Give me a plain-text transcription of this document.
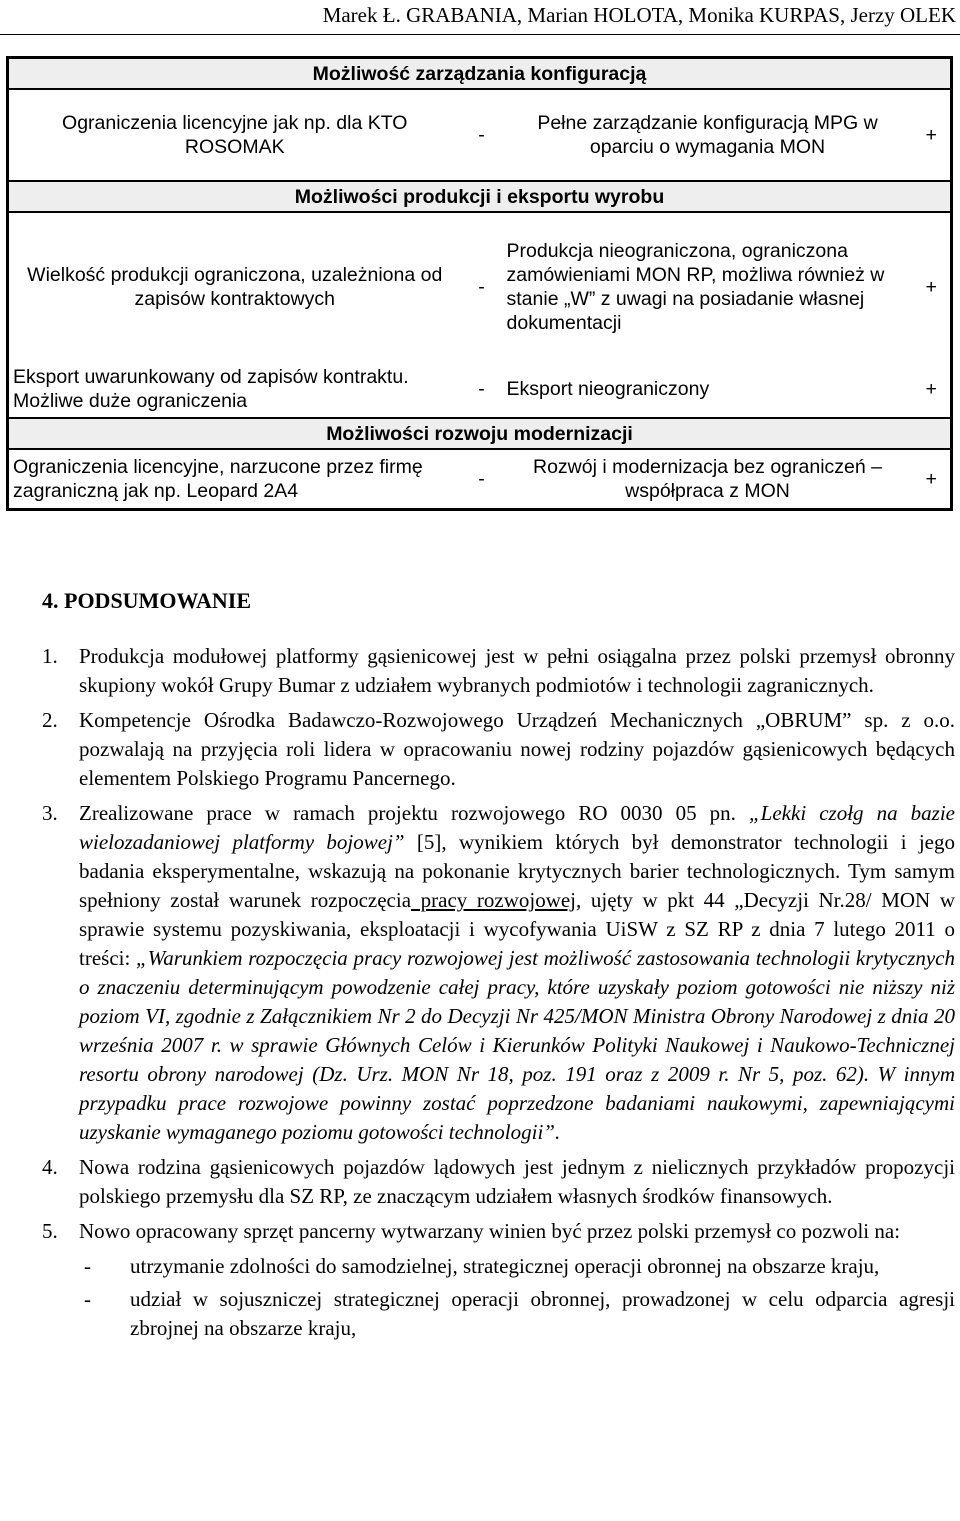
Marek Ł. GRABANIA, Marian HOLOTA, Monika KURPAS, Jerzy OLEK
Możliwość zarządzania konfiguracją			
Ograniczenia licencyjne jak np. dla KTO ROSOMAK	-	Pełne zarządzanie konfiguracją MPG w oparciu o wymagania MON	+
Możliwości produkcji i eksportu wyrobu			
Wielkość produkcji ograniczona, uzależniona od zapisów kontraktowych	-	Produkcja nieograniczona, ograniczona zamówieniami MON RP, możliwa również w stanie „W” z uwagi na posiadanie własnej dokumentacji	+
Eksport uwarunkowany od zapisów kontraktu. Możliwe duże ograniczenia	-	Eksport nieograniczony	+
Możliwości rozwoju modernizacji			
Ograniczenia licencyjne, narzucone przez firmę zagraniczną jak np. Leopard 2A4	-	Rozwój i modernizacja bez ograniczeń – współpraca z MON	+
4. PODSUMOWANIE
1.	Produkcja modułowej platformy gąsienicowej jest w pełni osiągalna przez polski przemysł obronny skupiony wokół Grupy Bumar z udziałem wybranych podmiotów i technologii zagranicznych.
2.	Kompetencje Ośrodka Badawczo-Rozwojowego Urządzeń Mechanicznych „OBRUM” sp. z o.o. pozwalają na przyjęcia roli lidera w opracowaniu nowej rodziny pojazdów gąsienicowych będących elementem Polskiego Programu Pancernego.
3.	Zrealizowane prace w ramach projektu rozwojowego RO 0030 05 pn. „Lekki czołg na bazie wielozadaniowej platformy bojowej” [5], wynikiem których był demonstrator technologii i jego badania eksperymentalne, wskazują na pokonanie krytycznych barier technologicznych. Tym samym spełniony został warunek rozpoczęcia pracy rozwojowej, ujęty w pkt 44 „Decyzji Nr.28/ MON w sprawie systemu pozyskiwania, eksploatacji i wycofywania UiSW z SZ RP z dnia 7 lutego 2011 o treści: „Warunkiem rozpoczęcia pracy rozwojowej jest możliwość zastosowania technologii krytycznych o znaczeniu determinującym powodzenie całej pracy, które uzyskały poziom gotowości nie niższy niż poziom VI, zgodnie z Załącznikiem Nr 2 do Decyzji Nr 425/MON Ministra Obrony Narodowej z dnia 20 września 2007 r. w sprawie Głównych Celów i Kierunków Polityki Naukowej i Naukowo-Technicznej resortu obrony narodowej (Dz. Urz. MON Nr 18, poz. 191 oraz z 2009 r. Nr 5, poz. 62). W innym przypadku prace rozwojowe powinny zostać poprzedzone badaniami naukowymi, zapewniającymi uzyskanie wymaganego poziomu gotowości technologii”.
4.	Nowa rodzina gąsienicowych pojazdów lądowych jest jednym z nielicznych przykładów propozycji polskiego przemysłu dla SZ RP, ze znaczącym udziałem własnych środków finansowych.
5.	Nowo opracowany sprzęt pancerny wytwarzany winien być przez polski przemysł co pozwoli na:
-	utrzymanie zdolności do samodzielnej, strategicznej operacji obronnej na obszarze kraju,
-	udział w sojuszniczej strategicznej operacji obronnej, prowadzonej w celu odparcia agresji zbrojnej na obszarze kraju,
